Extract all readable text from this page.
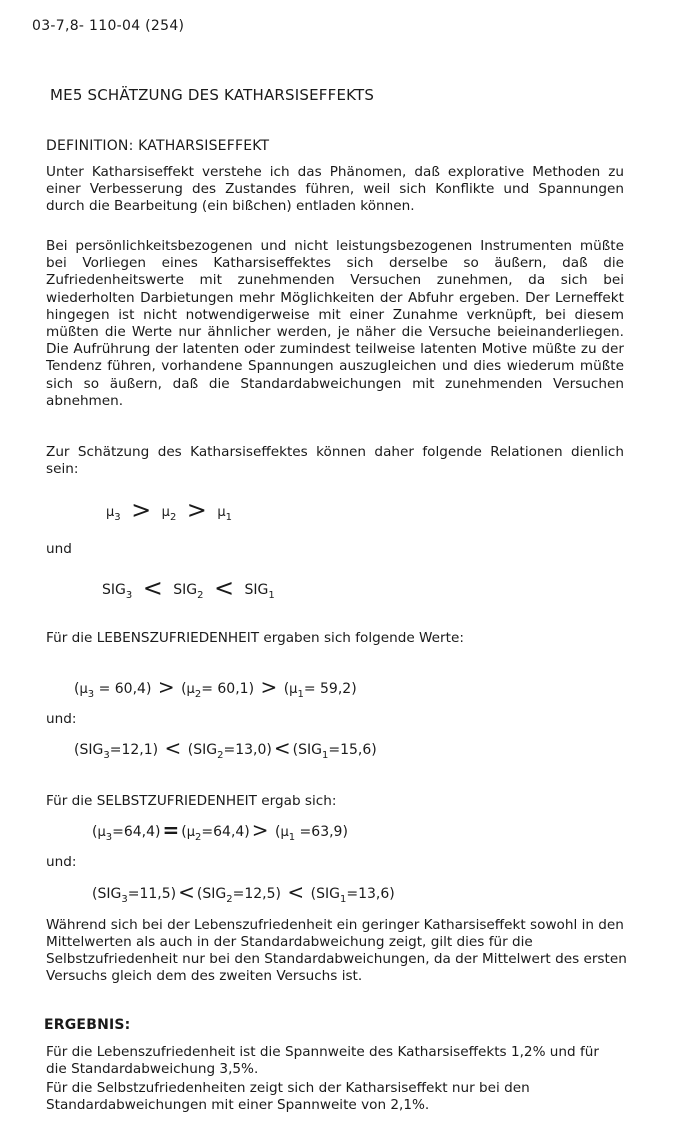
03-7,8- 110-04 (254)
ME5 SCHÄTZUNG DES KATHARSISEFFEKTS
DEFINITION: KATHARSISEFFEKT

Unter Katharsiseffekt verstehe ich das Phänomen, daß explorative Methoden zu einer Verbesserung des Zustandes führen, weil sich Konflikte und Spannungen durch die Bearbeitung (ein bißchen) entladen können.

Bei persönlichkeitsbezogenen und nicht leistungsbezogenen Instrumenten müßte bei Vorliegen eines Katharsiseffektes sich derselbe so äußern, daß die Zufriedenheitswerte mit zunehmenden Versuchen zunehmen, da sich bei wiederholten Darbietungen mehr Möglichkeiten der Abfuhr ergeben. Der Lerneffekt hingegen ist nicht notwendigerweise mit einer Zunahme verknüpft, bei diesem müßten die Werte nur ähnlicher werden, je näher die Versuche beieinanderliegen. Die Aufrührung der latenten oder zumindest teilweise latenten Motive müßte zu der Tendenz führen, vorhandene Spannungen auszugleichen und dies wiederum müßte sich so äußern, daß die Standardabweichungen mit zunehmenden Versuchen abnehmen.

Zur Schätzung des Katharsiseffektes können daher folgende Relationen dienlich sein:

$\mu_3 > \mu_2 > \mu_1$
und
$SIG_3 < SIG_2 < SIG_1$
Für die LEBENSZUFRIEDENHEIT ergaben sich folgende Werte:
$(\mu_3 = 60,4) > (\mu_2= 60,1) > (\mu_1= 59,2)$
und:
$(SIG_3=12,1) < (SIG_2=13,0) < (SIG_1=15,6)$
Für die SELBSTZUFRIEDENHEIT ergab sich:
$(\mu_3=64,4) = (\mu_2=64,4) > (\mu_1 =63,9)$
und:
$(SIG_3=11,5) < (SIG_2=12,5) < (SIG_1=13,6)$

Während sich bei der Lebenszufriedenheit ein geringer Katharsiseffekt sowohl in den Mittelwerten als auch in der Standardabweichung zeigt, gilt dies für die Selbstzufriedenheit nur bei den Standardabweichungen, da der Mittelwert des ersten Versuchs gleich dem des zweiten Versuchs ist.

ERGEBNIS:

Für die Lebenszufriedenheit ist die Spannweite des Katharsiseffekts 1,2% und für die Standardabweichung 3,5%.

Für die Selbstzufriedenheiten zeigt sich der Katharsiseffekt nur bei den Standardabweichungen mit einer Spannweite von 2,1%.
